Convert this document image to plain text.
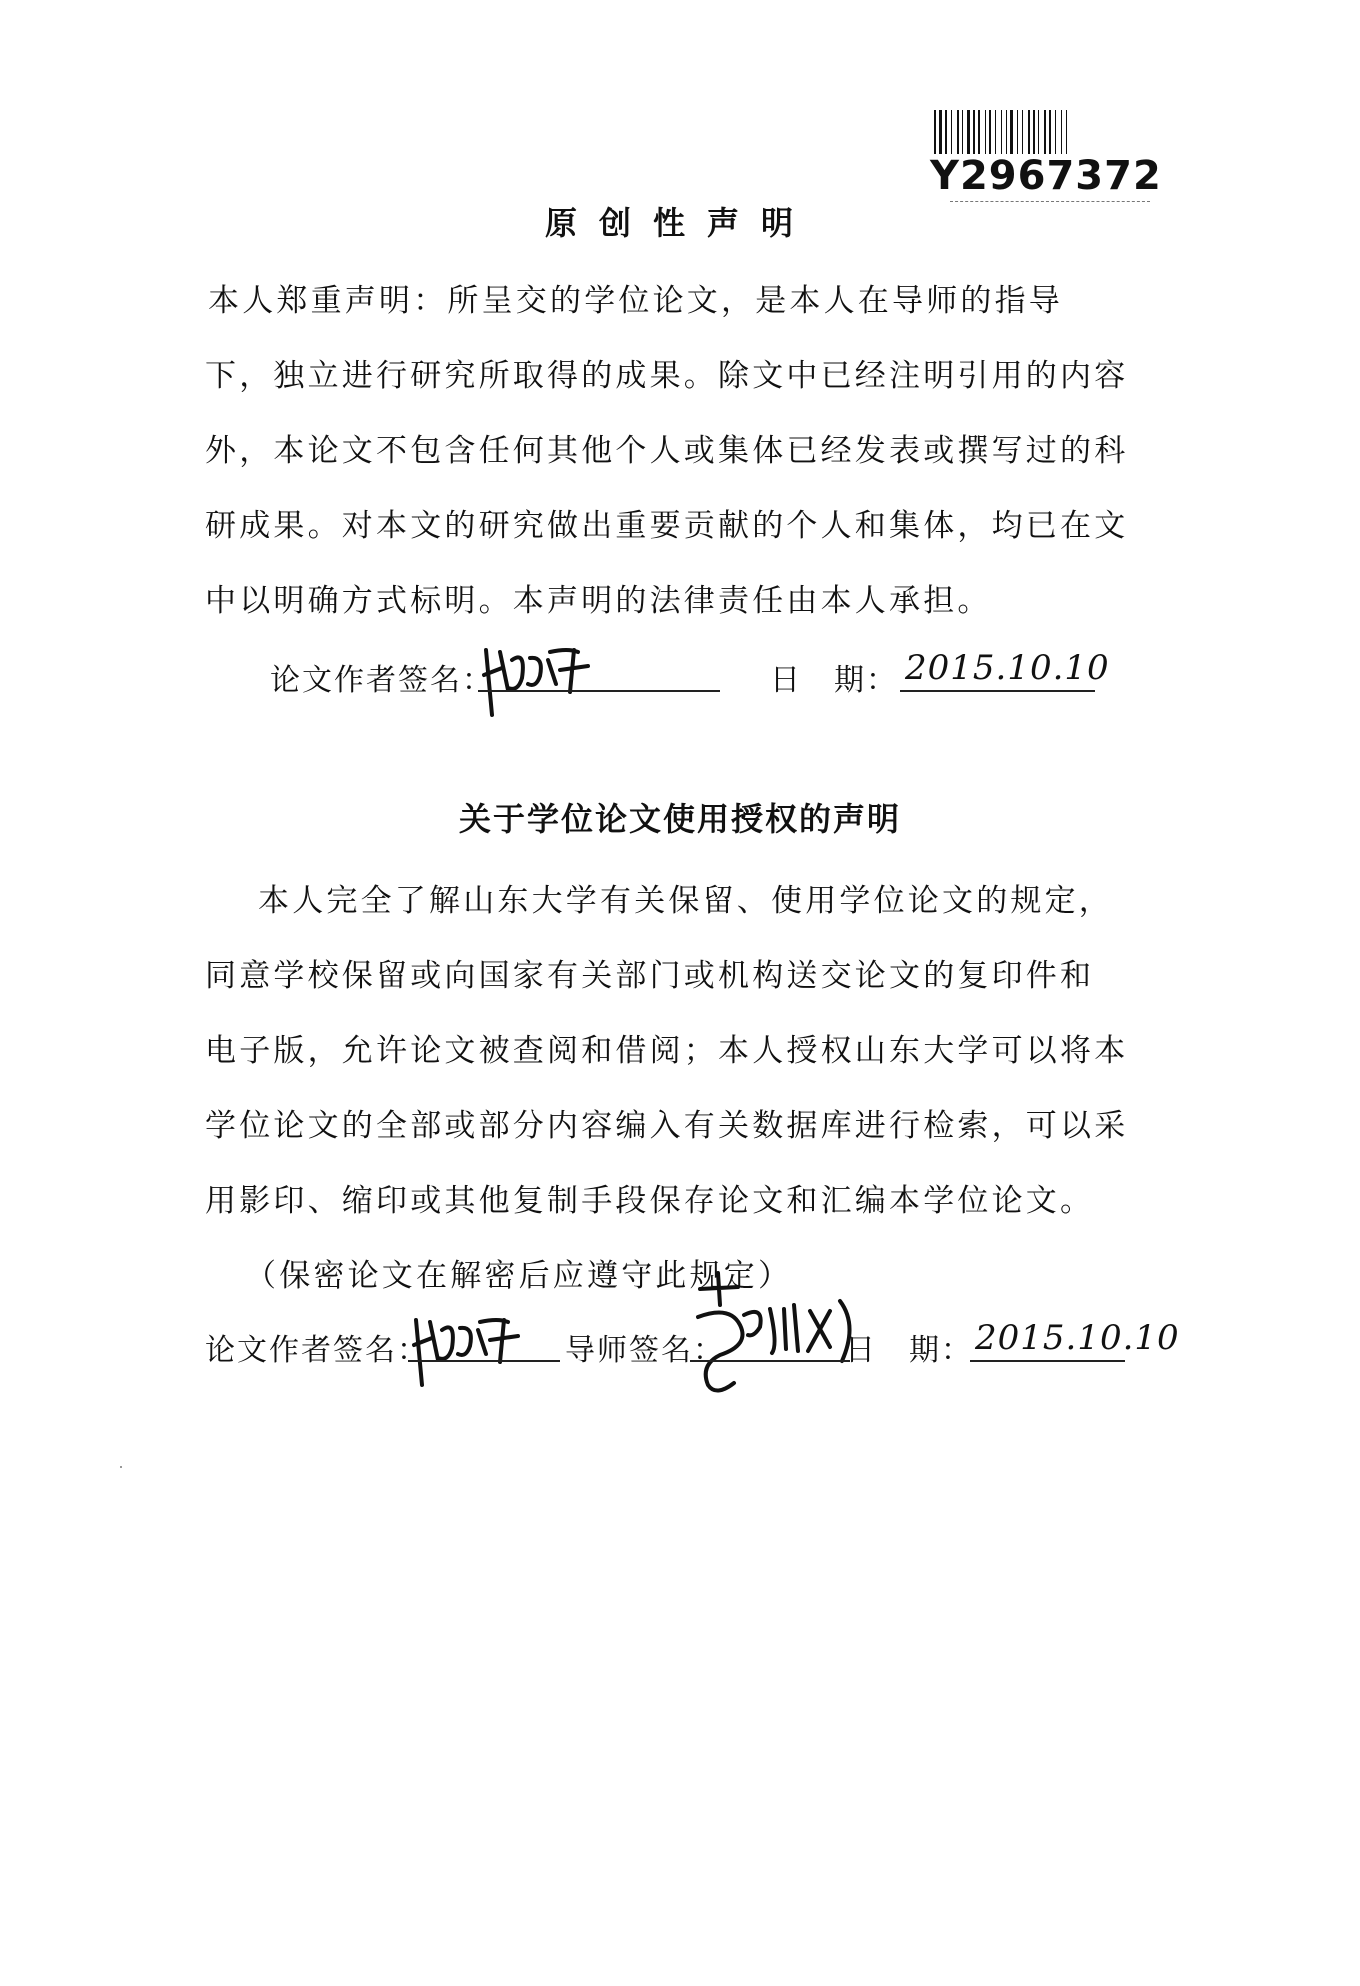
Y2967372
原创性声明
本人郑重声明：所呈交的学位论文，是本人在导师的指导
下，独立进行研究所取得的成果。除文中已经注明引用的内容
外，本论文不包含任何其他个人或集体已经发表或撰写过的科
研成果。对本文的研究做出重要贡献的个人和集体，均已在文
中以明确方式标明。本声明的法律责任由本人承担。
论文作者签名：	日　期： 2015.10.10
关于学位论文使用授权的声明
本人完全了解山东大学有关保留、使用学位论文的规定，
同意学校保留或向国家有关部门或机构送交论文的复印件和
电子版，允许论文被查阅和借阅；本人授权山东大学可以将本
学位论文的全部或部分内容编入有关数据库进行检索，可以采
用影印、缩印或其他复制手段保存论文和汇编本学位论文。
（保密论文在解密后应遵守此规定）
论文作者签名：	导师签名：	日　期： 2015.10.10
